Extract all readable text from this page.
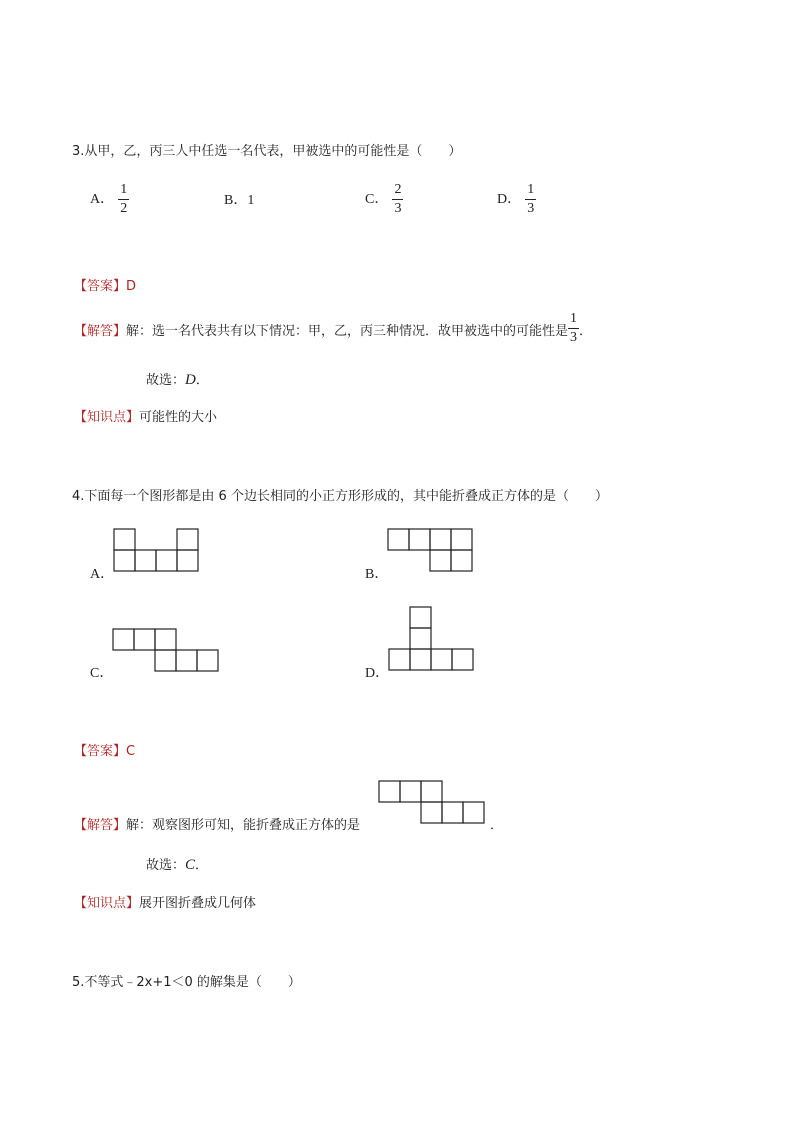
3.从甲，乙，丙三人中任选一名代表，甲被选中的可能性是（　　）
A． $\frac{1}{2}$	B．1	C． $\frac{2}{3}$	D． $\frac{1}{3}$
【答案】D
【解答】解：选一名代表共有以下情况：甲，乙，丙三种情况．故甲被选中的可能性是 $\frac{1}{3}$ ．
故选：D．
【知识点】可能性的大小
4.下面每一个图形都是由 6 个边长相同的小正方形形成的，其中能折叠成正方体的是（　　）
A．	B．
C．	D．
【答案】C
【解答】解：观察图形可知，能折叠成正方体的是	．
故选：C．
【知识点】展开图折叠成几何体
5.不等式﹣2x+1＜0 的解集是（　　）
